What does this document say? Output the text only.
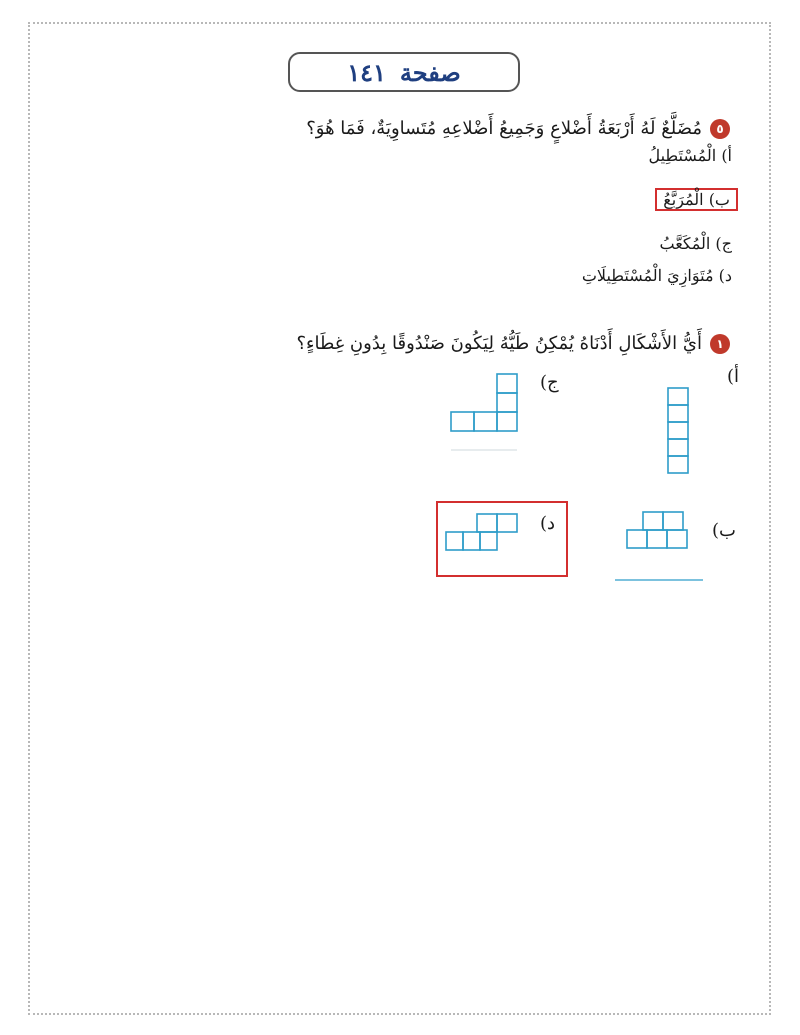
صفحة
١٤١
٥
مُضَلَّعٌ لَهُ أَرْبَعَةُ أَضْلاعٍ وَجَمِيعُ أَضْلاعِهِ مُتَساوِيَةٌ، فَمَا هُوَ؟
أ) الْمُسْتَطِيلُ
ب) الْمُرَبَّعُ
ج) الْمُكَعَّبُ
د) مُتَوَازِيَ الْمُسْتَطِيلَاتِ
١
أَيُّ الأَشْكَالِ أَدْنَاهُ يُمْكِنُ طَيُّهُ لِيَكُونَ صَنْدُوقًا بِدُونِ غِطَاءٍ؟
أ)
ج)
ب)
د)
